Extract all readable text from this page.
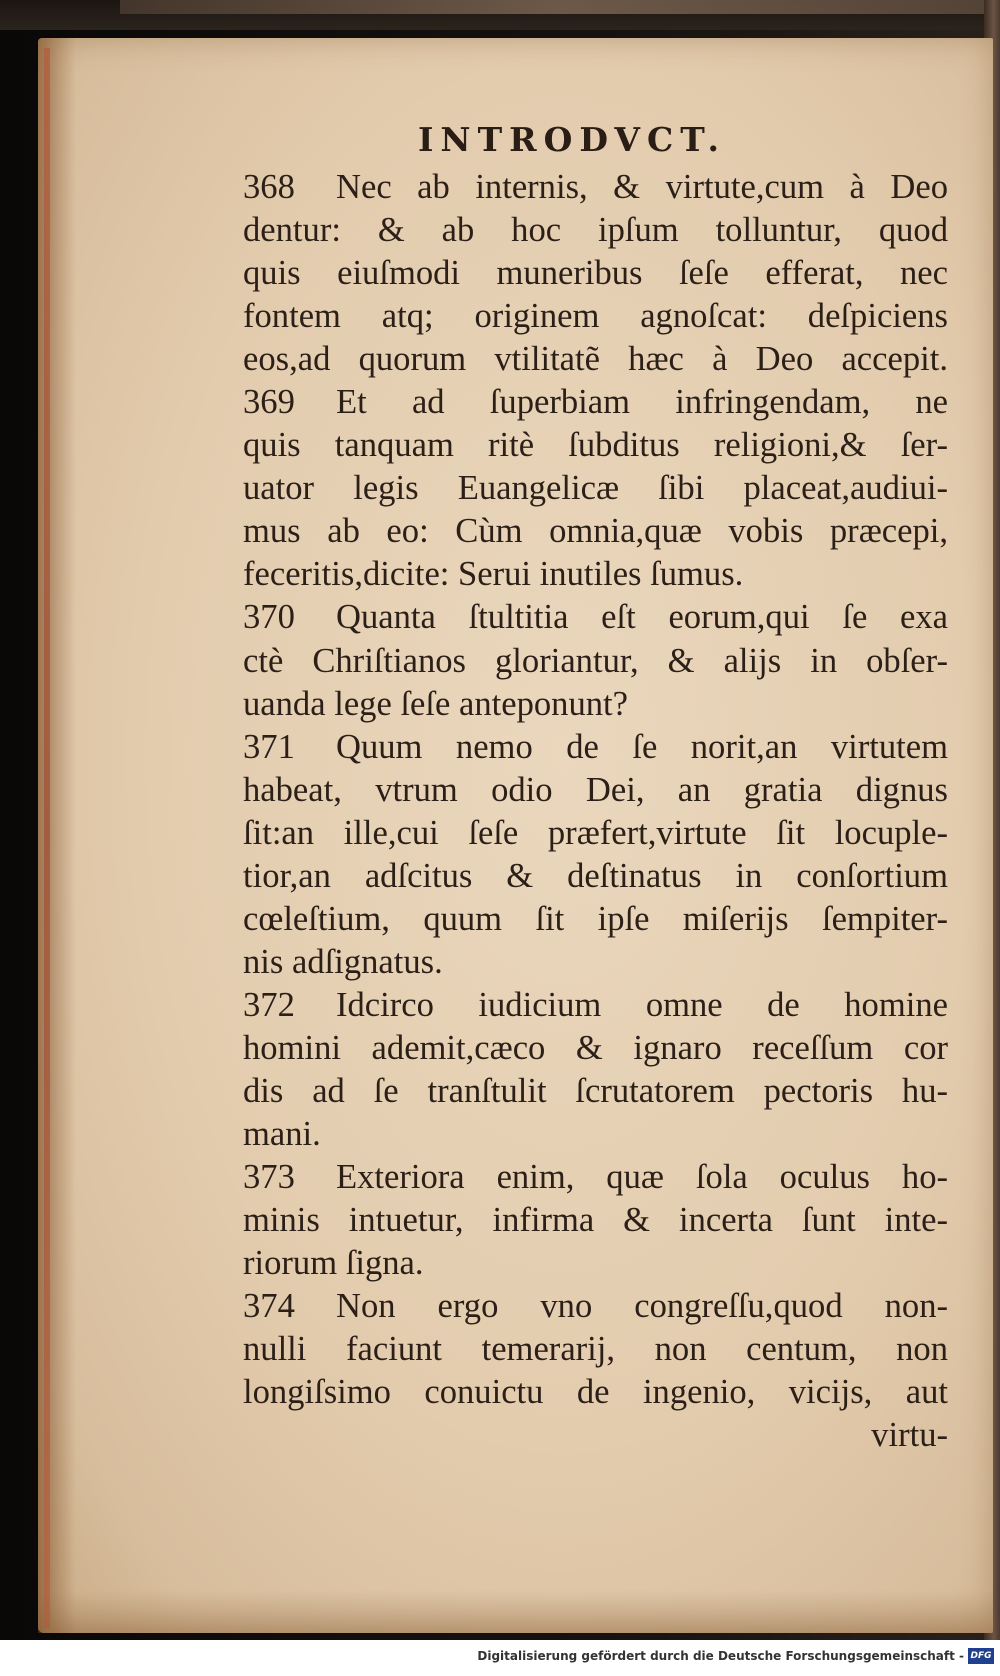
INTRODVCT.
368	Nec ab internis, & virtute,cum à Deo
dentur: & ab hoc ipſum tolluntur, quod
quis eiuſmodi muneribus ſeſe efferat, nec
fontem atq; originem agnoſcat: deſpiciens
eos,ad quorum vtilitatẽ hæc à Deo accepit.
369	Et ad ſuperbiam infringendam, ne
quis tanquam ritè ſubditus religioni,& ſer-
uator legis Euangelicæ ſibi placeat,audiui-
mus ab eo: Cùm omnia,quæ vobis præcepi,
feceritis,dicite: Serui inutiles ſumus.
370	Quanta ſtultitia eſt eorum,qui ſe exa
ctè Chriſtianos gloriantur, & alijs in obſer-
uanda lege ſeſe anteponunt?
371	Quum nemo de ſe norit,an virtutem
habeat, vtrum odio Dei, an gratia dignus
ſit:an ille,cui ſeſe præfert,virtute ſit locuple-
tior,an adſcitus & deſtinatus in conſortium
cœleſtium, quum ſit ipſe miſerijs ſempiter-
nis adſignatus.
372	Idcirco iudicium omne de homine
homini ademit,cæco & ignaro receſſum cor
dis ad ſe tranſtulit ſcrutatorem pectoris hu-
mani.
373	Exteriora enim, quæ ſola oculus ho-
minis intuetur, infirma & incerta ſunt inte-
riorum ſigna.
374	Non ergo vno congreſſu,quod non-
nulli faciunt temerarij, non centum, non
longiſsimo conuictu de ingenio, vicijs, aut
virtu-
Digitalisierung gefördert durch die Deutsche Forschungsgemeinschaft - DFG
